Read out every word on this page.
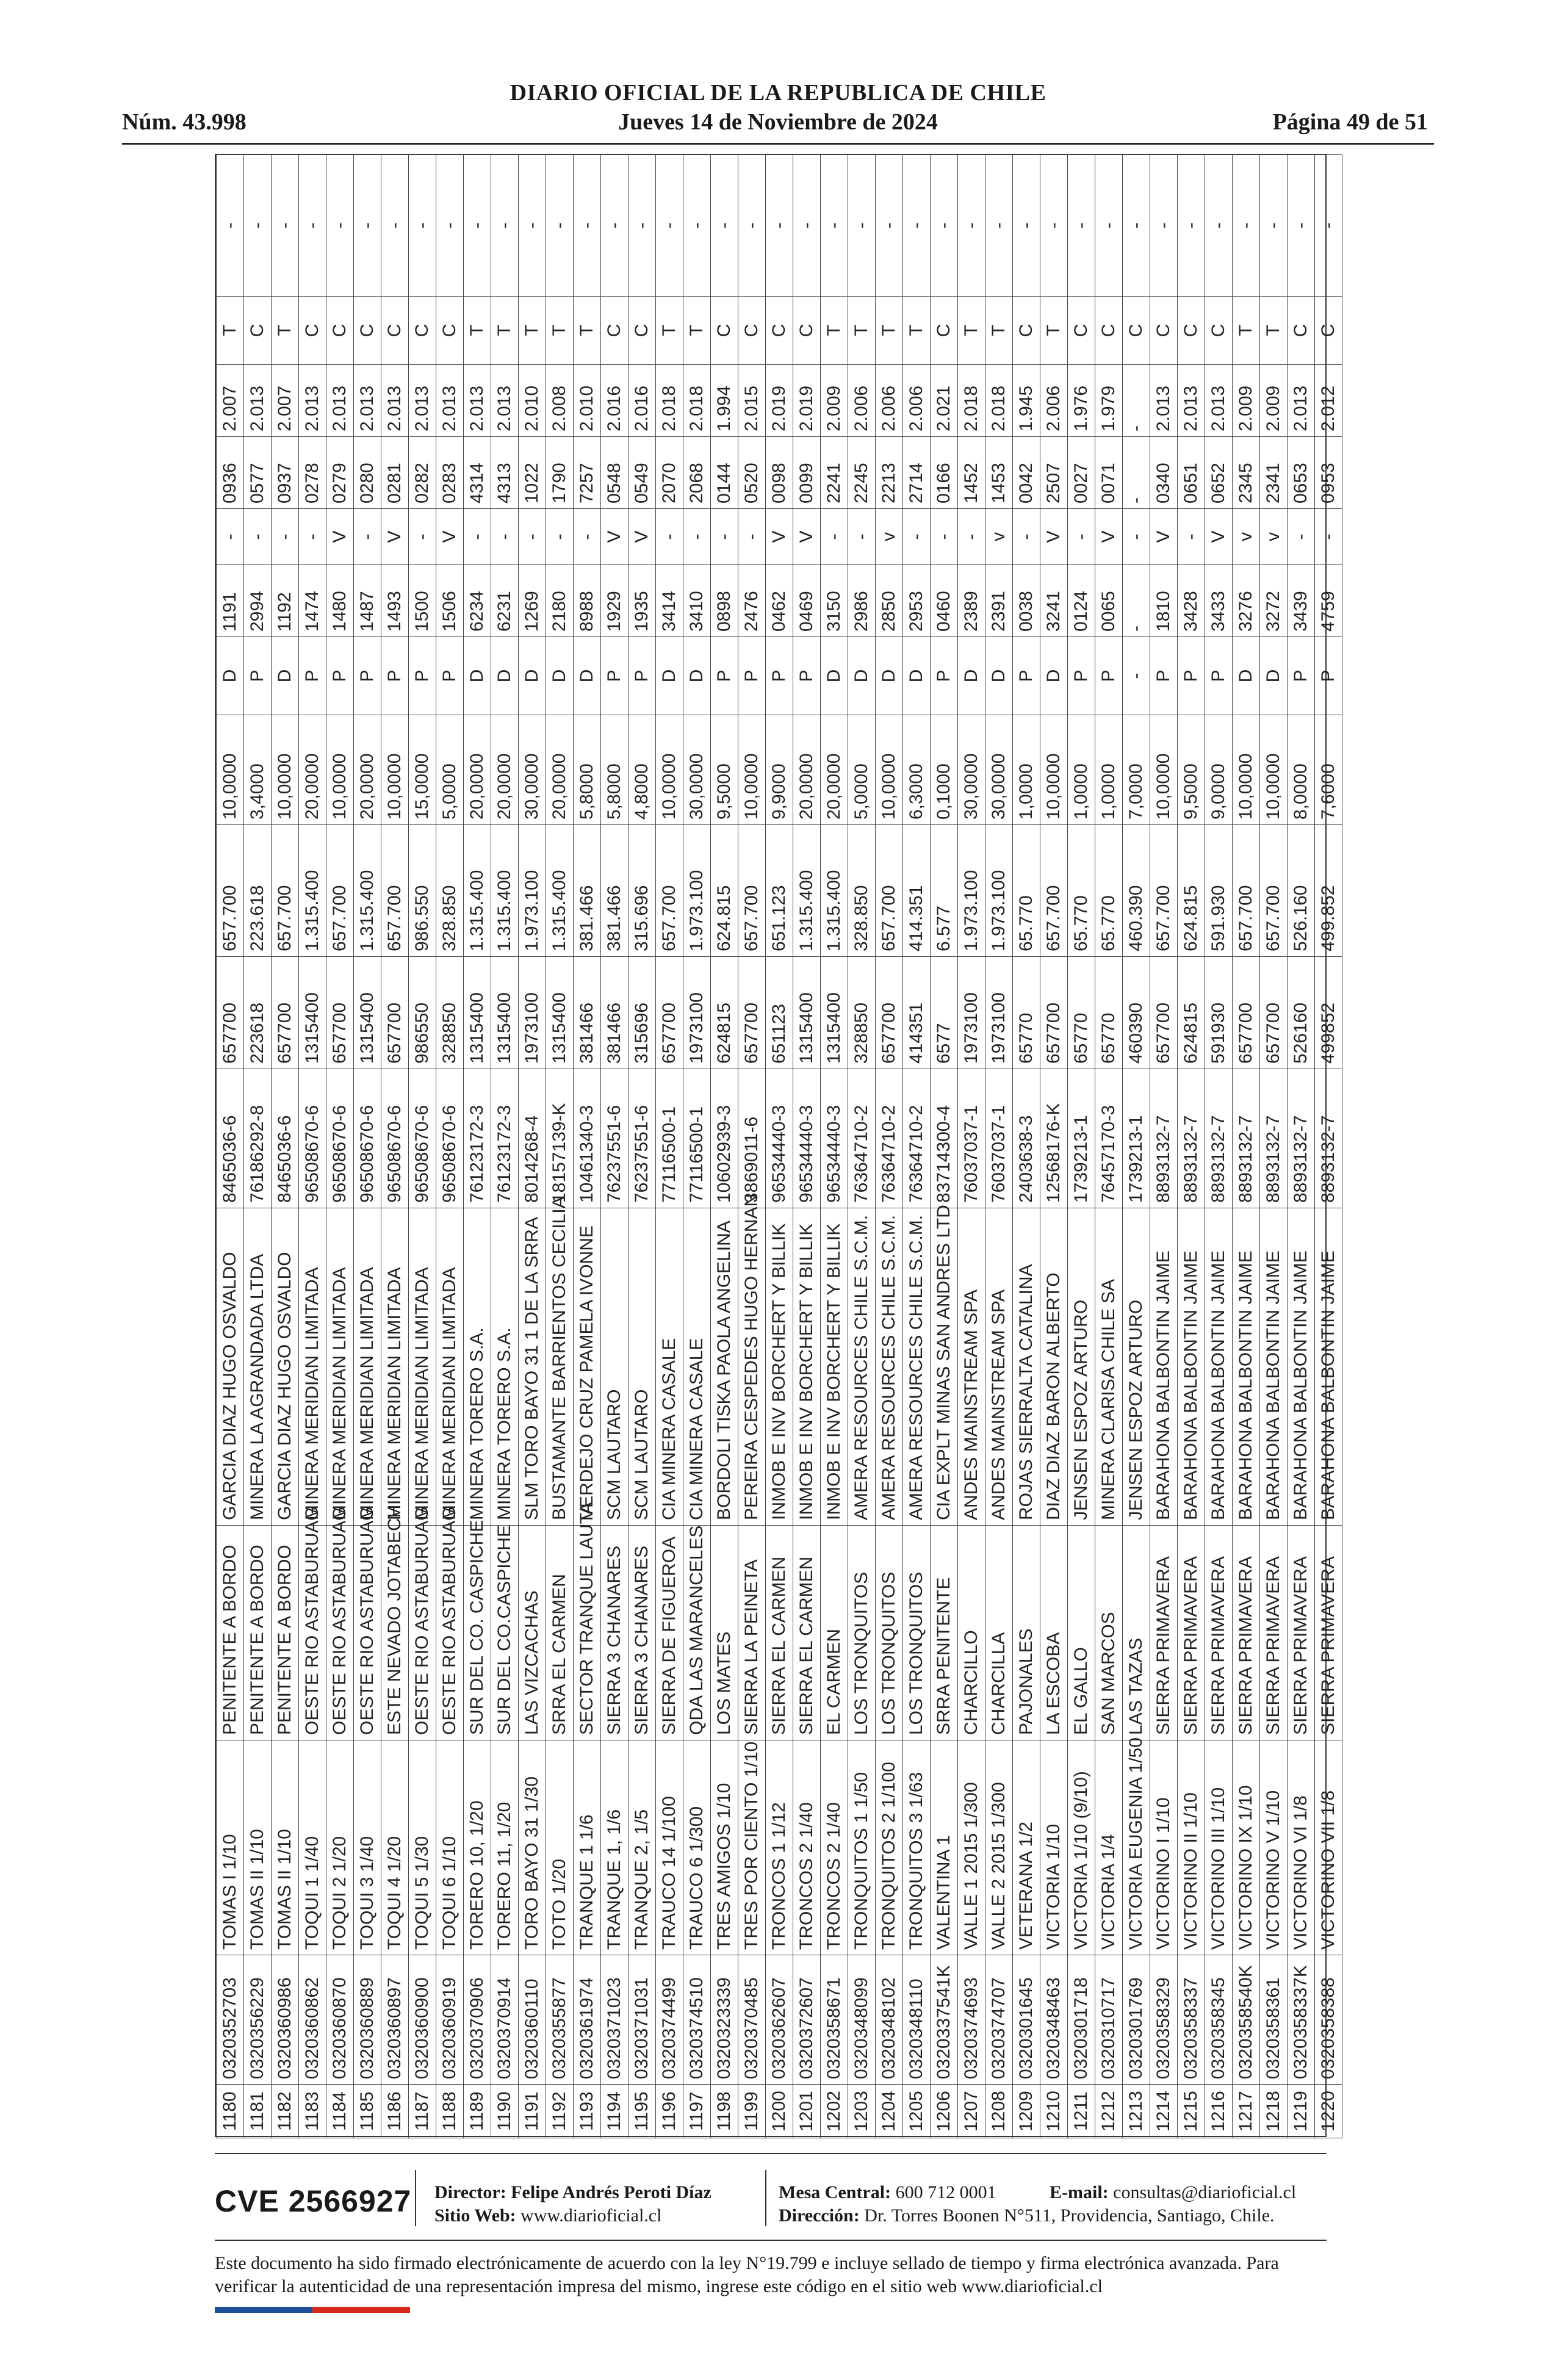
DIARIO OFICIAL DE LA REPUBLICA DE CHILE
Núm. 43.998	Jueves 14 de Noviembre de 2024	Página 49 de 51
1180	0320352703	TOMAS I 1/10	PENITENTE A BORDO	GARCIA DIAZ HUGO OSVALDO	8465036-6	657700	657.700	10,0000	D	1191	-	0936	2.007	T	-
1181	0320356229	TOMAS II 1/10	PENITENTE A BORDO	MINERA LA AGRANDADA LTDA	76186292-8	223618	223.618	3,4000	P	2994	-	0577	2.013	C	-
1182	0320360986	TOMAS II 1/10	PENITENTE A BORDO	GARCIA DIAZ HUGO OSVALDO	8465036-6	657700	657.700	10,0000	D	1192	-	0937	2.007	T	-
1183	0320360862	TOQUI 1 1/40	OESTE RIO ASTABURUAG	MINERA MERIDIAN LIMITADA	96508670-6	1315400	1.315.400	20,0000	P	1474	-	0278	2.013	C	-
1184	0320360870	TOQUI 2 1/20	OESTE RIO ASTABURUAG	MINERA MERIDIAN LIMITADA	96508670-6	657700	657.700	10,0000	P	1480	V	0279	2.013	C	-
1185	0320360889	TOQUI 3 1/40	OESTE RIO ASTABURUAG	MINERA MERIDIAN LIMITADA	96508670-6	1315400	1.315.400	20,0000	P	1487	-	0280	2.013	C	-
1186	0320360897	TOQUI 4 1/20	ESTE NEVADO JOTABECH	MINERA MERIDIAN LIMITADA	96508670-6	657700	657.700	10,0000	P	1493	V	0281	2.013	C	-
1187	0320360900	TOQUI 5 1/30	OESTE RIO ASTABURUAG	MINERA MERIDIAN LIMITADA	96508670-6	986550	986.550	15,0000	P	1500	-	0282	2.013	C	-
1188	0320360919	TOQUI 6 1/10	OESTE RIO ASTABURUAG	MINERA MERIDIAN LIMITADA	96508670-6	328850	328.850	5,0000	P	1506	V	0283	2.013	C	-
1189	0320370906	TORERO 10, 1/20	SUR DEL CO. CASPICHE	MINERA TORERO S.A.	76123172-3	1315400	1.315.400	20,0000	D	6234	-	4314	2.013	T	-
1190	0320370914	TORERO 11, 1/20	SUR DEL CO.CASPICHE	MINERA TORERO S.A.	76123172-3	1315400	1.315.400	20,0000	D	6231	-	4313	2.013	T	-
1191	0320360110	TORO BAYO 31 1/30	LAS VIZCACHAS	SLM TORO BAYO 31 1 DE LA SRRA	8014268-4	1973100	1.973.100	30,0000	D	1269	-	1022	2.010	T	-
1192	0320355877	TOTO 1/20	SRRA EL CARMEN	BUSTAMANTE BARRIENTOS CECILIA	18157139-K	1315400	1.315.400	20,0000	D	2180	-	1790	2.008	T	-
1193	0320361974	TRANQUE 1 1/6	SECTOR TRANQUE LAUTA	VERDEJO CRUZ PAMELA IVONNE	10461340-3	381466	381.466	5,8000	D	8988	-	7257	2.010	T	-
1194	0320371023	TRANQUE 1, 1/6	SIERRA 3 CHANARES	SCM LAUTARO	76237551-6	381466	381.466	5,8000	P	1929	V	0548	2.016	C	-
1195	0320371031	TRANQUE 2, 1/5	SIERRA 3 CHANARES	SCM LAUTARO	76237551-6	315696	315.696	4,8000	P	1935	V	0549	2.016	C	-
1196	0320374499	TRAUCO 14 1/100	SIERRA DE FIGUEROA	CIA MINERA CASALE	77116500-1	657700	657.700	10,0000	D	3414	-	2070	2.018	T	-
1197	0320374510	TRAUCO 6 1/300	QDA LAS MARANCELES	CIA MINERA CASALE	77116500-1	1973100	1.973.100	30,0000	D	3410	-	2068	2.018	T	-
1198	0320323339	TRES AMIGOS 1/10	LOS MATES	BORDOLI TISKA PAOLA ANGELINA	10602939-3	624815	624.815	9,5000	P	0898	-	0144	1.994	C	-
1199	0320370485	TRES POR CIENTO 1/10	SIERRA LA PEINETA	PEREIRA CESPEDES HUGO HERNAN	3869011-6	657700	657.700	10,0000	P	2476	-	0520	2.015	C	-
1200	0320362607	TRONCOS 1 1/12	SIERRA EL CARMEN	INMOB E INV BORCHERT Y BILLIK	96534440-3	651123	651.123	9,9000	P	0462	V	0098	2.019	C	-
1201	0320372607	TRONCOS 2 1/40	SIERRA EL CARMEN	INMOB E INV BORCHERT Y BILLIK	96534440-3	1315400	1.315.400	20,0000	P	0469	V	0099	2.019	C	-
1202	0320358671	TRONCOS 2 1/40	EL CARMEN	INMOB E INV BORCHERT Y BILLIK	96534440-3	1315400	1.315.400	20,0000	D	3150	-	2241	2.009	T	-
1203	0320348099	TRONQUITOS 1 1/50	LOS TRONQUITOS	AMERA RESOURCES CHILE S.C.M.	76364710-2	328850	328.850	5,0000	D	2986	-	2245	2.006	T	-
1204	0320348102	TRONQUITOS 2 1/100	LOS TRONQUITOS	AMERA RESOURCES CHILE S.C.M.	76364710-2	657700	657.700	10,0000	D	2850	v	2213	2.006	T	-
1205	0320348110	TRONQUITOS 3 1/63	LOS TRONQUITOS	AMERA RESOURCES CHILE S.C.M.	76364710-2	414351	414.351	6,3000	D	2953	-	2714	2.006	T	-
1206	0320337541K	VALENTINA 1	SRRA PENITENTE	CIA EXPLT MINAS SAN ANDRES LTD	83714300-4	6577	6.577	0,1000	P	0460	-	0166	2.021	C	-
1207	0320374693	VALLE 1 2015 1/300	CHARCILLO	ANDES MAINSTREAM SPA	76037037-1	1973100	1.973.100	30,0000	D	2389	-	1452	2.018	T	-
1208	0320374707	VALLE 2 2015 1/300	CHARCILLA	ANDES MAINSTREAM SPA	76037037-1	1973100	1.973.100	30,0000	D	2391	v	1453	2.018	T	-
1209	0320301645	VETERANA 1/2	PAJONALES	ROJAS SIERRALTA CATALINA	2403638-3	65770	65.770	1,0000	P	0038	-	0042	1.945	C	-
1210	0320348463	VICTORIA 1/10	LA ESCOBA	DIAZ DIAZ BARON ALBERTO	12568176-K	657700	657.700	10,0000	D	3241	V	2507	2.006	T	-
1211	0320301718	VICTORIA 1/10 (9/10)	EL GALLO	JENSEN ESPOZ ARTURO	1739213-1	65770	65.770	1,0000	P	0124	-	0027	1.976	C	-
1212	0320310717	VICTORIA 1/4	SAN MARCOS	MINERA CLARISA CHILE SA	76457170-3	65770	65.770	1,0000	P	0065	V	0071	1.979	C	-
1213	0320301769	VICTORIA EUGENIA 1/50	LAS TAZAS	JENSEN ESPOZ ARTURO	1739213-1	460390	460.390	7,0000	-	-	-	-	-	C	-
1214	0320358329	VICTORINO I 1/10	SIERRA PRIMAVERA	BARAHONA BALBONTIN JAIME	8893132-7	657700	657.700	10,0000	P	1810	V	0340	2.013	C	-
1215	0320358337	VICTORINO II 1/10	SIERRA PRIMAVERA	BARAHONA BALBONTIN JAIME	8893132-7	624815	624.815	9,5000	P	3428	-	0651	2.013	C	-
1216	0320358345	VICTORINO III 1/10	SIERRA PRIMAVERA	BARAHONA BALBONTIN JAIME	8893132-7	591930	591.930	9,0000	P	3433	V	0652	2.013	C	-
1217	0320358540K	VICTORINO IX 1/10	SIERRA PRIMAVERA	BARAHONA BALBONTIN JAIME	8893132-7	657700	657.700	10,0000	D	3276	v	2345	2.009	T	-
1218	0320358361	VICTORINO V 1/10	SIERRA PRIMAVERA	BARAHONA BALBONTIN JAIME	8893132-7	657700	657.700	10,0000	D	3272	v	2341	2.009	T	-
1219	0320358337K	VICTORINO VI 1/8	SIERRA PRIMAVERA	BARAHONA BALBONTIN JAIME	8893132-7	526160	526.160	8,0000	P	3439	-	0653	2.013	C	-
1220	0320358388	VICTORINO VII 1/8	SIERRA PRIMAVERA	BARAHONA BALBONTIN JAIME	8893132-7	499852	499.852	7,6000	P	4759	-	0953	2.012	C	-
CVE 2566927 Director: Felipe Andrés Peroti Díaz
Sitio Web: www.diarioficial.cl
Mesa Central: 600 712 0001	E-mail: consultas@diarioficial.cl
Dirección: Dr. Torres Boonen N°511, Providencia, Santiago, Chile.
Este documento ha sido firmado electrónicamente de acuerdo con la ley N°19.799 e incluye sellado de tiempo y firma electrónica avanzada. Para verificar la autenticidad de una representación impresa del mismo, ingrese este código en el sitio web www.diarioficial.cl
